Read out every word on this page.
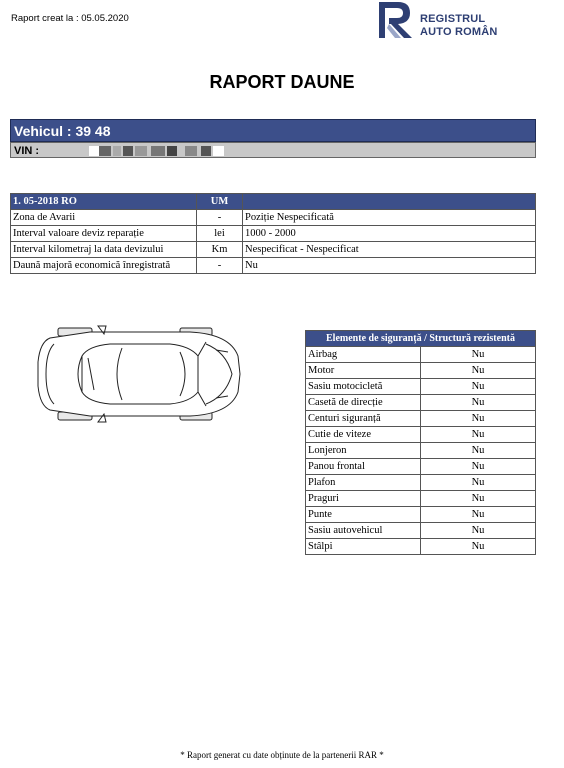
Raport creat la : 05.05.2020	REGISTRUL
AUTO ROMÂN
RAPORT DAUNE
Vehicul : 39 48
VIN :
1. 05-2018 RO	UM	
Zona de Avarii	-	Poziție Nespecificată
Interval valoare deviz reparație	lei	1000 - 2000
Interval kilometraj la data devizului	Km	Nespecificat - Nespecificat
Daună majoră economică înregistrată	-	Nu
Elemente de siguranță / Structură rezistentă	
Airbag	Nu
Motor	Nu
Sasiu motocicletă	Nu
Casetă de direcție	Nu
Centuri siguranță	Nu
Cutie de viteze	Nu
Lonjeron	Nu
Panou frontal	Nu
Plafon	Nu
Praguri	Nu
Punte	Nu
Sasiu autovehicul	Nu
Stâlpi	Nu
* Raport generat cu date obținute de la partenerii RAR *
